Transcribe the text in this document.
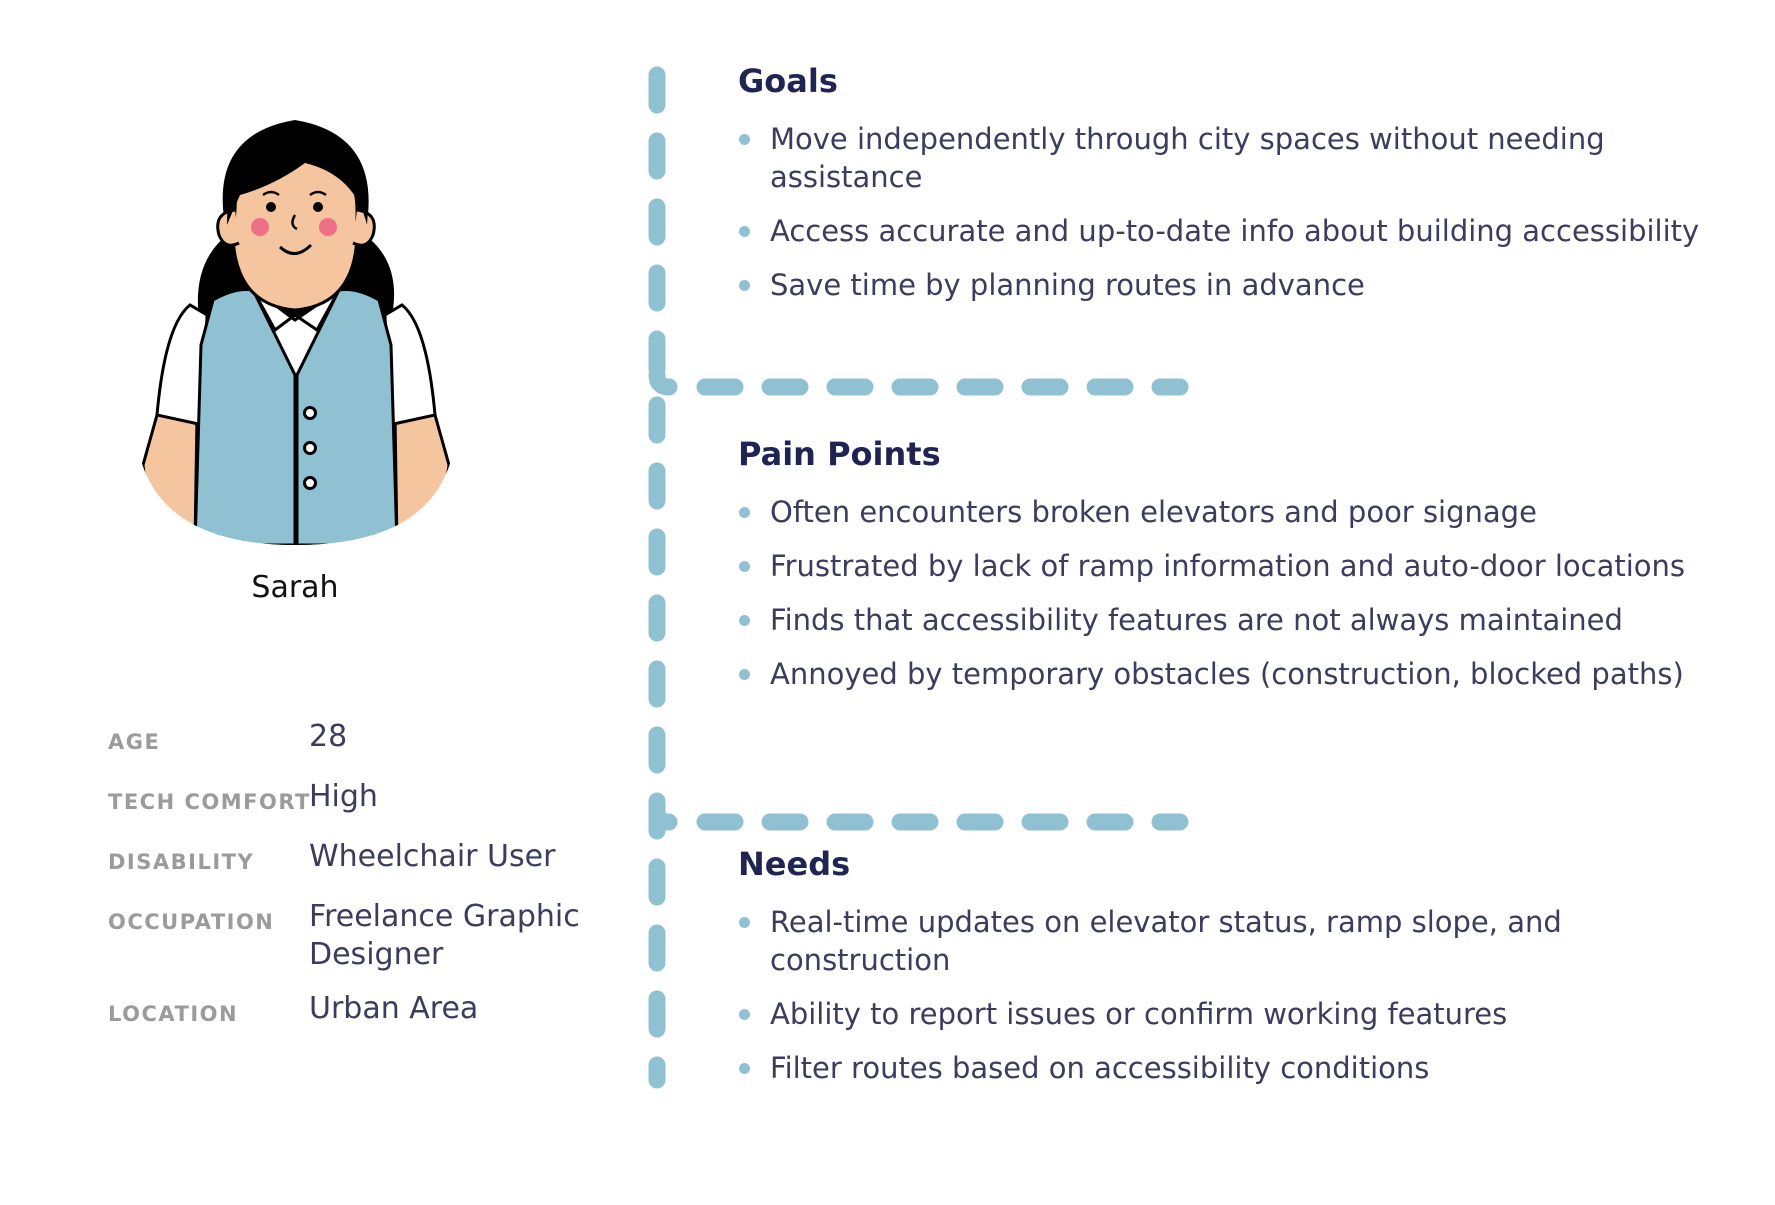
Sarah
AGE	28
TECH COMFORT
High
DISABILITY Wheelchair User
OCCUPATION Freelance Graphic Designer
LOCATION Urban Area
Goals
Move independently through city spaces without needing assistance
Access accurate and up-to-date info about building accessibility
Save time by planning routes in advance
Pain Points
Often encounters broken elevators and poor signage
Frustrated by lack of ramp information and auto-door locations
Finds that accessibility features are not always maintained
Annoyed by temporary obstacles (construction, blocked paths)
Needs
Real-time updates on elevator status, ramp slope, and construction
Ability to report issues or confirm working features
Filter routes based on accessibility conditions
